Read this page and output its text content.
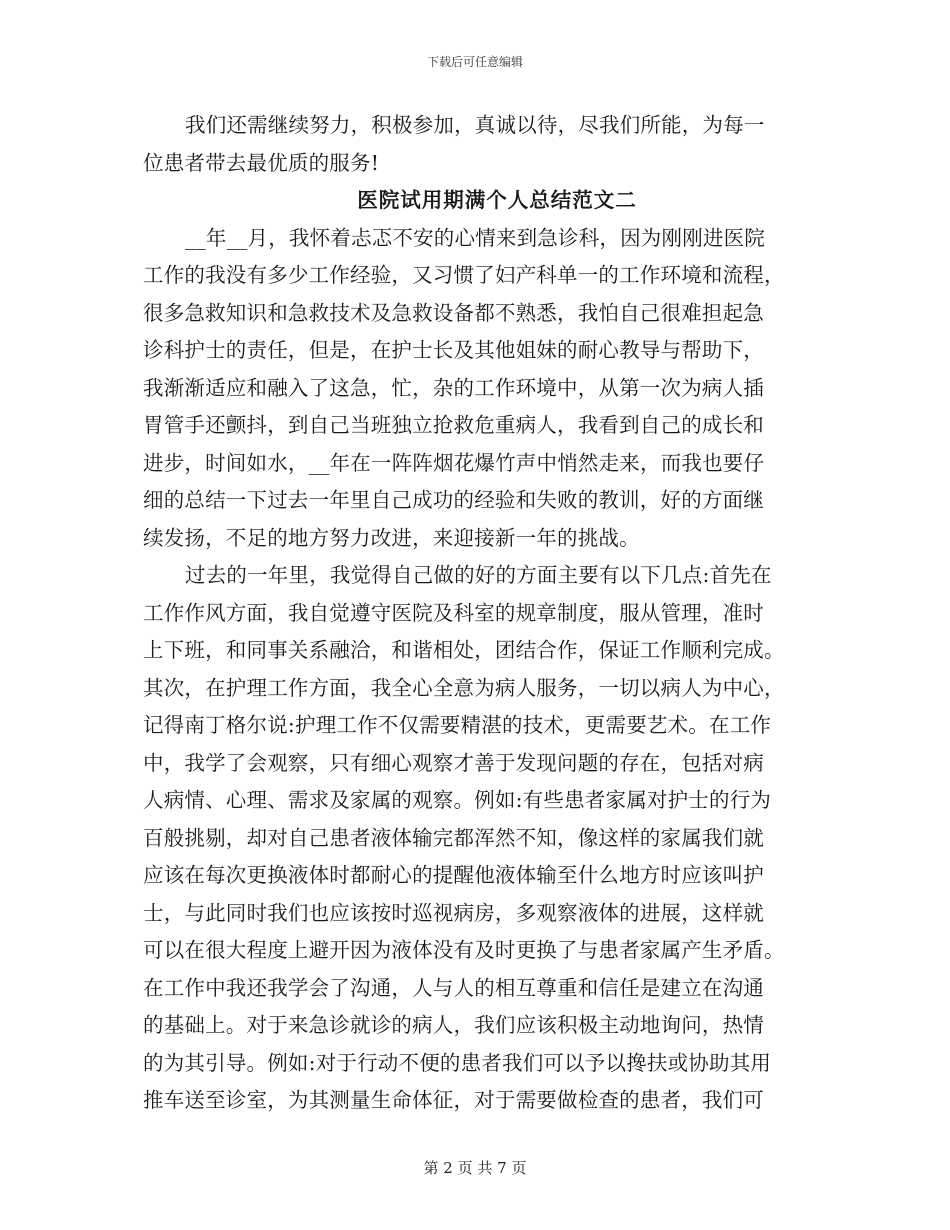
下载后可任意编辑
我们还需继续努力，积极参加，真诚以待，尽我们所能，为每一
位患者带去最优质的服务!
医院试用期满个人总结范文二
__年__月，我怀着忐忑不安的心情来到急诊科，因为刚刚进医院
工作的我没有多少工作经验，又习惯了妇产科单一的工作环境和流程，
很多急救知识和急救技术及急救设备都不熟悉，我怕自己很难担起急
诊科护士的责任，但是，在护士长及其他姐妹的耐心教导与帮助下，
我渐渐适应和融入了这急，忙，杂的工作环境中，从第一次为病人插
胃管手还颤抖，到自己当班独立抢救危重病人，我看到自己的成长和
进步，时间如水，__年在一阵阵烟花爆竹声中悄然走来，而我也要仔
细的总结一下过去一年里自己成功的经验和失败的教训，好的方面继
续发扬，不足的地方努力改进，来迎接新一年的挑战。
过去的一年里，我觉得自己做的好的方面主要有以下几点:首先在
工作作风方面，我自觉遵守医院及科室的规章制度，服从管理，准时
上下班，和同事关系融洽，和谐相处，团结合作，保证工作顺利完成。
其次，在护理工作方面，我全心全意为病人服务，一切以病人为中心，
记得南丁格尔说:护理工作不仅需要精湛的技术，更需要艺术。在工作
中，我学了会观察，只有细心观察才善于发现问题的存在，包括对病
人病情、心理、需求及家属的观察。例如:有些患者家属对护士的行为
百般挑剔，却对自己患者液体输完都浑然不知，像这样的家属我们就
应该在每次更换液体时都耐心的提醒他液体输至什么地方时应该叫护
士，与此同时我们也应该按时巡视病房，多观察液体的进展，这样就
可以在很大程度上避开因为液体没有及时更换了与患者家属产生矛盾。
在工作中我还我学会了沟通，人与人的相互尊重和信任是建立在沟通
的基础上。对于来急诊就诊的病人，我们应该积极主动地询问，热情
的为其引导。例如:对于行动不便的患者我们可以予以搀扶或协助其用
推车送至诊室，为其测量生命体征，对于需要做检查的患者，我们可
第 2 页 共 7 页
